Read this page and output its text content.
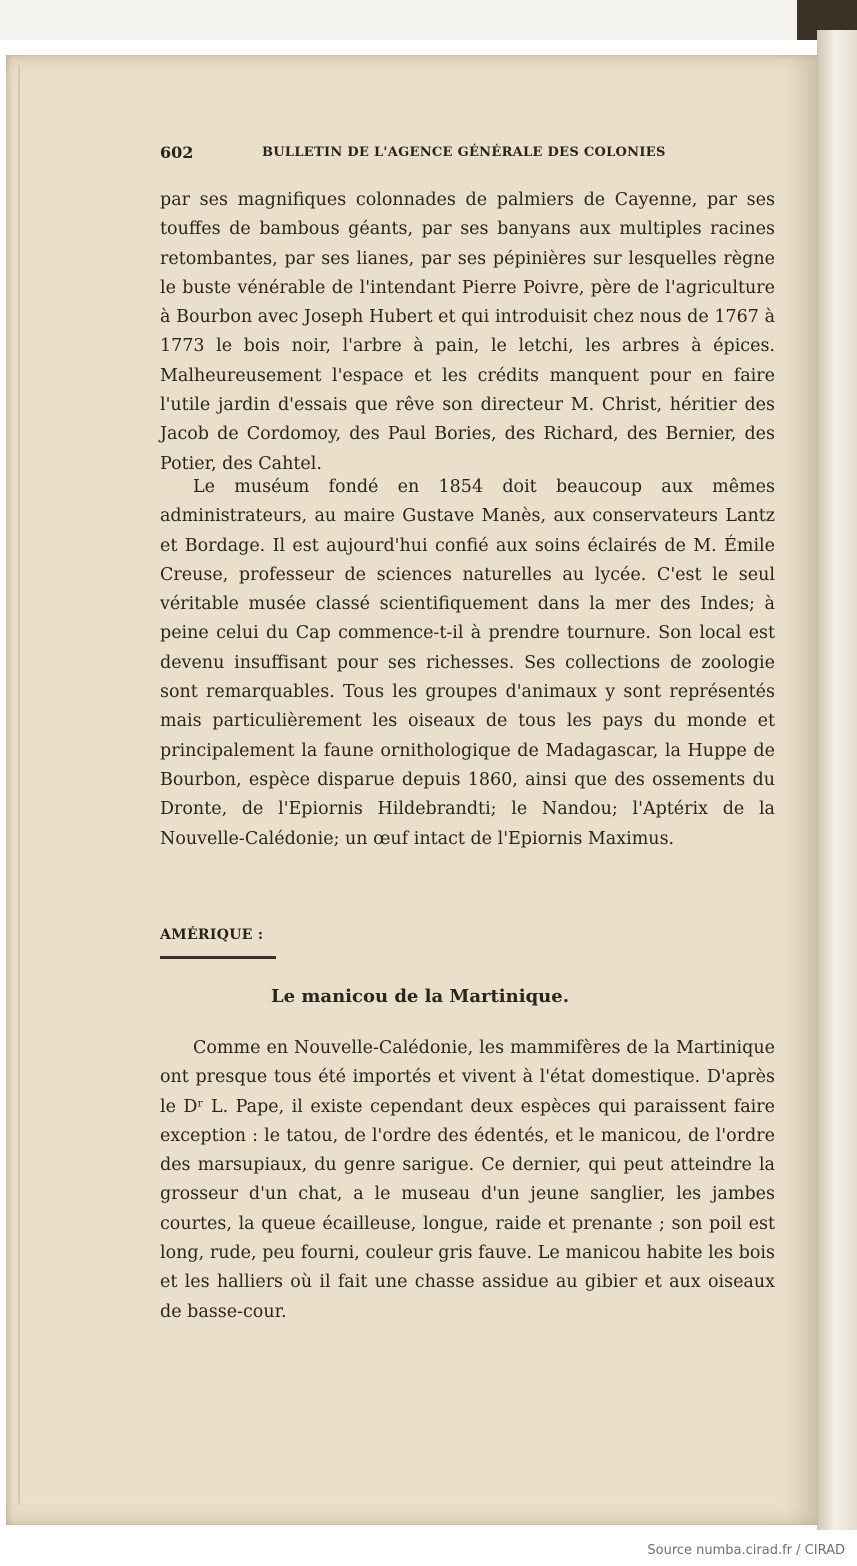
602	BULLETIN DE L'AGENCE GÉNÉRALE DES COLONIES

par ses magnifiques colonnades de palmiers de Cayenne, par ses touffes de bambous géants, par ses banyans aux multiples racines retombantes, par ses lianes, par ses pépinières sur lesquelles règne le buste vénérable de l'intendant Pierre Poivre, père de l'agriculture à Bourbon avec Joseph Hubert et qui introduisit chez nous de 1767 à 1773 le bois noir, l'arbre à pain, le letchi, les arbres à épices. Malheureusement l'espace et les crédits manquent pour en faire l'utile jardin d'essais que rêve son directeur M. Christ, héritier des Jacob de Cordomoy, des Paul Bories, des Richard, des Bernier, des Potier, des Cahtel.

Le muséum fondé en 1854 doit beaucoup aux mêmes administrateurs, au maire Gustave Manès, aux conservateurs Lantz et Bordage. Il est aujourd'hui confié aux soins éclairés de M. Émile Creuse, professeur de sciences naturelles au lycée. C'est le seul véritable musée classé scientifiquement dans la mer des Indes; à peine celui du Cap commence-t-il à prendre tournure. Son local est devenu insuffisant pour ses richesses. Ses collections de zoologie sont remarquables. Tous les groupes d'animaux y sont représentés mais particulièrement les oiseaux de tous les pays du monde et principalement la faune ornithologique de Madagascar, la Huppe de Bourbon, espèce disparue depuis 1860, ainsi que des ossements du Dronte, de l'Epiornis Hildebrandti; le Nandou; l'Aptérix de la Nouvelle-Calédonie; un œuf intact de l'Epiornis Maximus.

AMÉRIQUE :
Le manicou de la Martinique.

Comme en Nouvelle-Calédonie, les mammifères de la Martinique ont presque tous été importés et vivent à l'état domestique. D'après le Dʳ L. Pape, il existe cependant deux espèces qui paraissent faire exception : le tatou, de l'ordre des édentés, et le manicou, de l'ordre des marsupiaux, du genre sarigue. Ce dernier, qui peut atteindre la grosseur d'un chat, a le museau d'un jeune sanglier, les jambes courtes, la queue écailleuse, longue, raide et prenante ; son poil est long, rude, peu fourni, couleur gris fauve. Le manicou habite les bois et les halliers où il fait une chasse assidue au gibier et aux oiseaux de basse-cour.

Source numba.cirad.fr / CIRAD
